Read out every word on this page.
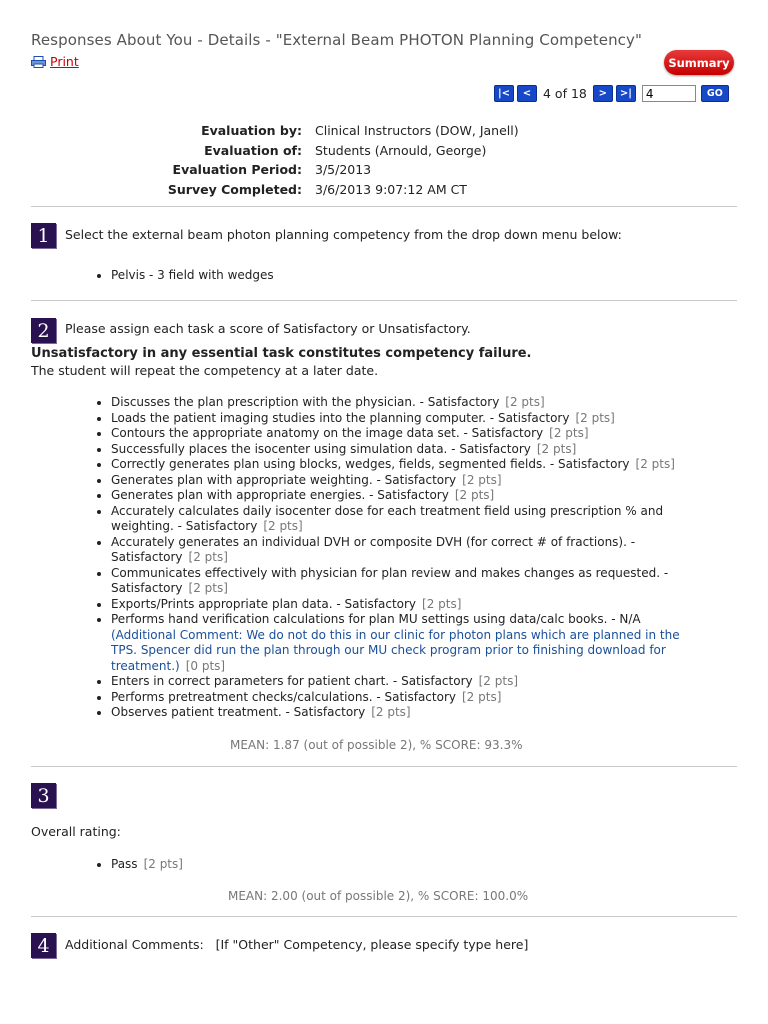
Responses About You - Details - "External Beam PHOTON Planning Competency"
Print	Summary
|<	< 4 of 18	>	>|
4	GO
Evaluation by:	Clinical Instructors (DOW, Janell)
Evaluation of:	Students (Arnould, George)
Evaluation Period:	3/5/2013
Survey Completed:	3/6/2013 9:07:12 AM CT
1	Select the external beam photon planning competency from the drop down menu below:
Pelvis - 3 field with wedges
2	Please assign each task a score of Satisfactory or Unsatisfactory.
Unsatisfactory in any essential task constitutes competency failure.
The student will repeat the competency at a later date.
Discusses the plan prescription with the physician. - Satisfactory [2 pts]
Loads the patient imaging studies into the planning computer. - Satisfactory [2 pts]
Contours the appropriate anatomy on the image data set. - Satisfactory [2 pts]
Successfully places the isocenter using simulation data. - Satisfactory [2 pts]
Correctly generates plan using blocks, wedges, fields, segmented fields. - Satisfactory [2 pts]
Generates plan with appropriate weighting. - Satisfactory [2 pts]
Generates plan with appropriate energies. - Satisfactory [2 pts]
Accurately calculates daily isocenter dose for each treatment field using prescription % and weighting. - Satisfactory [2 pts]
Accurately generates an individual DVH or composite DVH (for correct # of fractions). - Satisfactory [2 pts]
Communicates effectively with physician for plan review and makes changes as requested. - Satisfactory [2 pts]
Exports/Prints appropriate plan data. - Satisfactory [2 pts]
Performs hand verification calculations for plan MU settings using data/calc books. - N/A (Additional Comment: We do not do this in our clinic for photon plans which are planned in the TPS. Spencer did run the plan through our MU check program prior to finishing download for treatment.) [0 pts]
Enters in correct parameters for patient chart. - Satisfactory [2 pts]
Performs pretreatment checks/calculations. - Satisfactory [2 pts]
Observes patient treatment. - Satisfactory [2 pts]
MEAN: 1.87 (out of possible 2), % SCORE: 93.3%
3
Overall rating:
Pass [2 pts]
MEAN: 2.00 (out of possible 2), % SCORE: 100.0%
4	Additional Comments:   [If "Other" Competency, please specify type here]
